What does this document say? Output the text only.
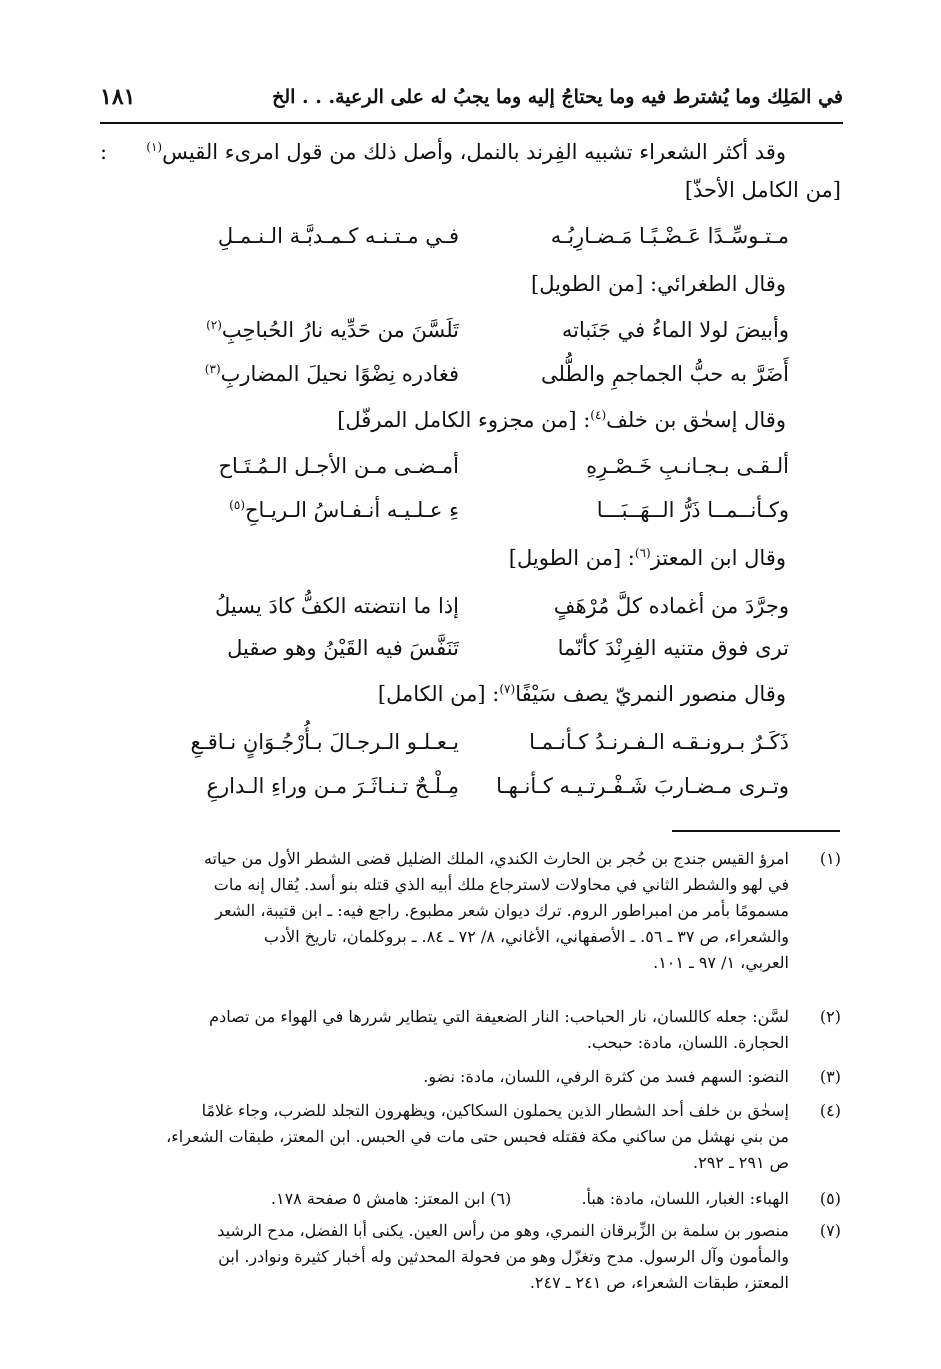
في المَلِك وما يُشترط فيه وما يحتاجُ إليه وما يجبُ له على الرعية. . . الخ
١٨١
وقد أكثر الشعراء تشبيه الفِرند بالنمل، وأصل ذلك من قول امرىء القيس$^{(١)}$
:
[من الكامل الأحذّ]
مـتـوسِّـدًا عَـضْـبًـا مَـضـارِبُـه
فـي مـتـنـه كـمـدبَّـة الـنـمـلِ
وقال الطغرائي: [من الطويل]
وأبيضَ لولا الماءُ في جَنَباته
تَلَسَّنَ من حَدِّيه نارُ الحُباحِبِ$^{(٢)}$
أَضَرَّ به حبُّ الجماجمِ والطُّلى
فغادره نِضْوًا نحيلَ المضاربِ$^{(٣)}$
وقال إسحٰق بن خلف$^{(٤)}$: [من مجزوء الكامل المرفّل]
ألـقـى بـجـانـبِ خَـصْـرِهِ
أمـضـى مـن الأجـل الـمُـتَـاح
وكـأنــمــا ذَرُّ الــهَــبَـــا
ءِ عـلـيـه أنـفـاسُ الـريـاحِ$^{(٥)}$
وقال ابن المعتز$^{(٦)}$: [من الطويل]
وجرَّدَ من أغماده كلَّ مُرْهَفٍ
إذا ما انتضته الكفُّ كادَ يسيلُ
ترى فوق متنيه الفِرِنْدَ كأنّما
تَنَفَّسَ فيه القَيْنُ وهو صقيل
وقال منصور النمريّ يصف سَيْفًا$^{(٧)}$: [من الكامل]
ذَكَـرٌ بـرونـقـه الـفـرنـدُ كـأنـمـا
يـعـلـو الـرجـالَ بـأُرْجُـوَانٍ نـاقـعِ
وتـرى مـضـاربَ شَـفْـرتـيـه كـأنـهـا
مِـلْـحٌ تـنـاثَـرَ مـن وراءِ الـدارعِ
(١)
امرؤ القيس جندج بن حُجر بن الحارث الكندي، الملك الضليل قضى الشطر الأول من حياته
في لهو والشطر الثاني في محاولات لاسترجاع ملك أبيه الذي قتله بنو أسد. يُقال إنه مات
مسمومًا بأمر من امبراطور الروم. ترك ديوان شعر مطبوع. راجع فيه: ـ ابن قتيبة، الشعر
والشعراء، ص ٣٧ ـ ٥٦. ـ الأصفهاني، الأغاني، ٨/ ٧٢ ـ ٨٤. ـ بروكلمان، تاريخ الأدب
العربي، ١/ ٩٧ ـ ١٠١.
(٢)
لسَّن: جعله كاللسان، نار الحباحب: النار الضعيفة التي يتطاير شررها في الهواء من تصادم
الحجارة. اللسان، مادة: حبحب.
(٣)
النضو: السهم فسد من كثرة الرفي، اللسان، مادة: نضو.
(٤)
إسحٰق بن خلف أحد الشطار الذين يحملون السكاكين، ويظهرون التجلد للضرب، وجاء غلامًا
من بني نهشل من ساكني مكة فقتله فحبس حتى مات في الحبس. ابن المعتز، طبقات الشعراء،
ص ٢٩١ ـ ٢٩٢.
(٥)
الهباء: الغبار، اللسان، مادة: هبأ.  (٦) ابن المعتز: هامش ٥ صفحة ١٧٨.
(٧)
منصور بن سلمة بن الزِّبرقان النمري، وهو من رأس العين. يكنى أبا الفضل، مدح الرشيد
والمأمون وآل الرسول. مدح وتغزّل وهو من فحولة المحدثين وله أخبار كثيرة ونوادر. ابن
المعتز، طبقات الشعراء، ص ٢٤١ ـ ٢٤٧.
